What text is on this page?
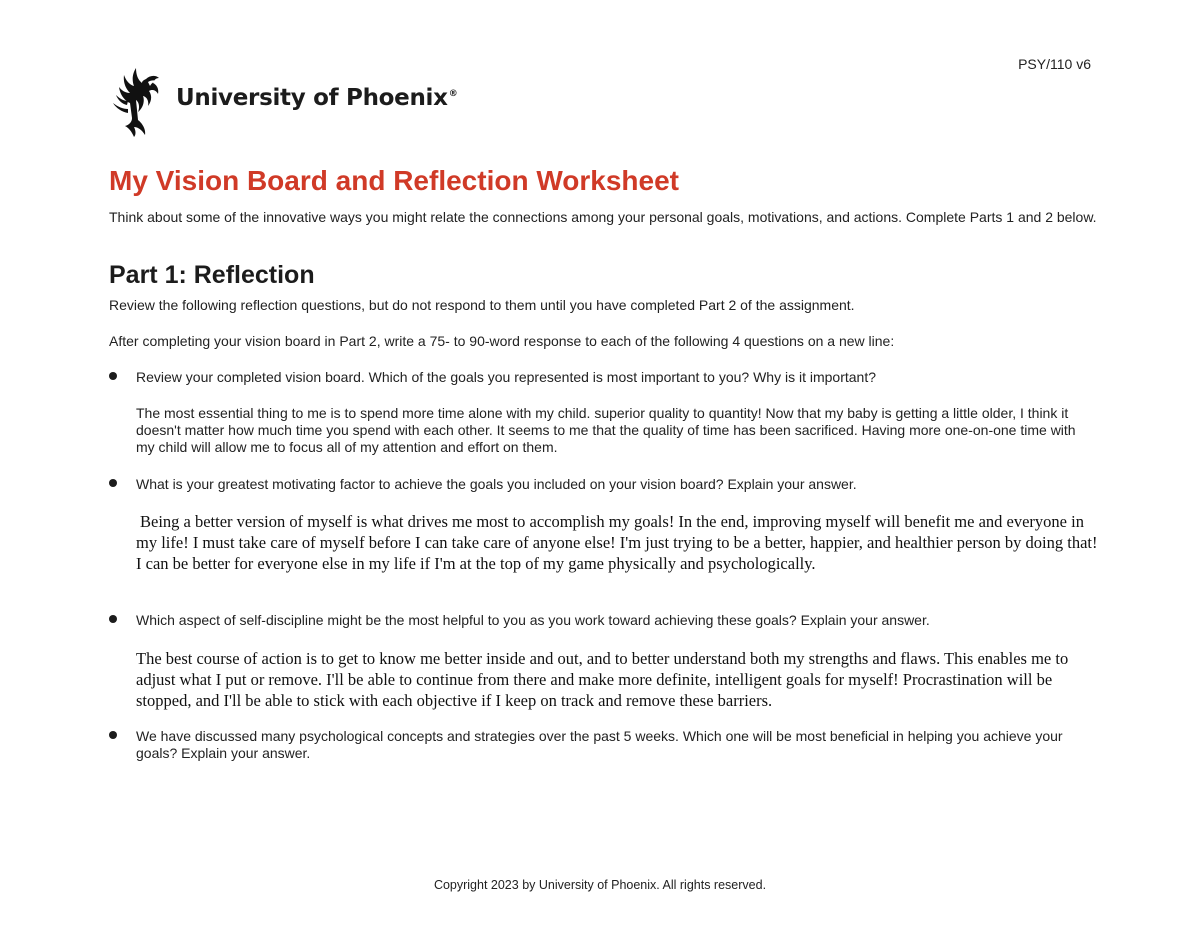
PSY/110 v6
University of Phoenix®
My Vision Board and Reflection Worksheet
Think about some of the innovative ways you might relate the connections among your personal goals, motivations, and actions. Complete Parts 1 and 2 below.
Part 1: Reflection
Review the following reflection questions, but do not respond to them until you have completed Part 2 of the assignment.
After completing your vision board in Part 2, write a 75- to 90-word response to each of the following 4 questions on a new line:
Review your completed vision board. Which of the goals you represented is most important to you? Why is it important?
The most essential thing to me is to spend more time alone with my child. superior quality to quantity! Now that my baby is getting a little older, I think it doesn't matter how much time you spend with each other. It seems to me that the quality of time has been sacrificed. Having more one-on-one time with my child will allow me to focus all of my attention and effort on them.
What is your greatest motivating factor to achieve the goals you included on your vision board? Explain your answer.
Being a better version of myself is what drives me most to accomplish my goals! In the end, improving myself will benefit me and everyone in my life! I must take care of myself before I can take care of anyone else! I'm just trying to be a better, happier, and healthier person by doing that! I can be better for everyone else in my life if I'm at the top of my game physically and psychologically.
Which aspect of self-discipline might be the most helpful to you as you work toward achieving these goals? Explain your answer.
The best course of action is to get to know me better inside and out, and to better understand both my strengths and flaws. This enables me to adjust what I put or remove. I'll be able to continue from there and make more definite, intelligent goals for myself! Procrastination will be stopped, and I'll be able to stick with each objective if I keep on track and remove these barriers.
We have discussed many psychological concepts and strategies over the past 5 weeks. Which one will be most beneficial in helping you achieve your goals? Explain your answer.
Copyright 2023 by University of Phoenix. All rights reserved.
